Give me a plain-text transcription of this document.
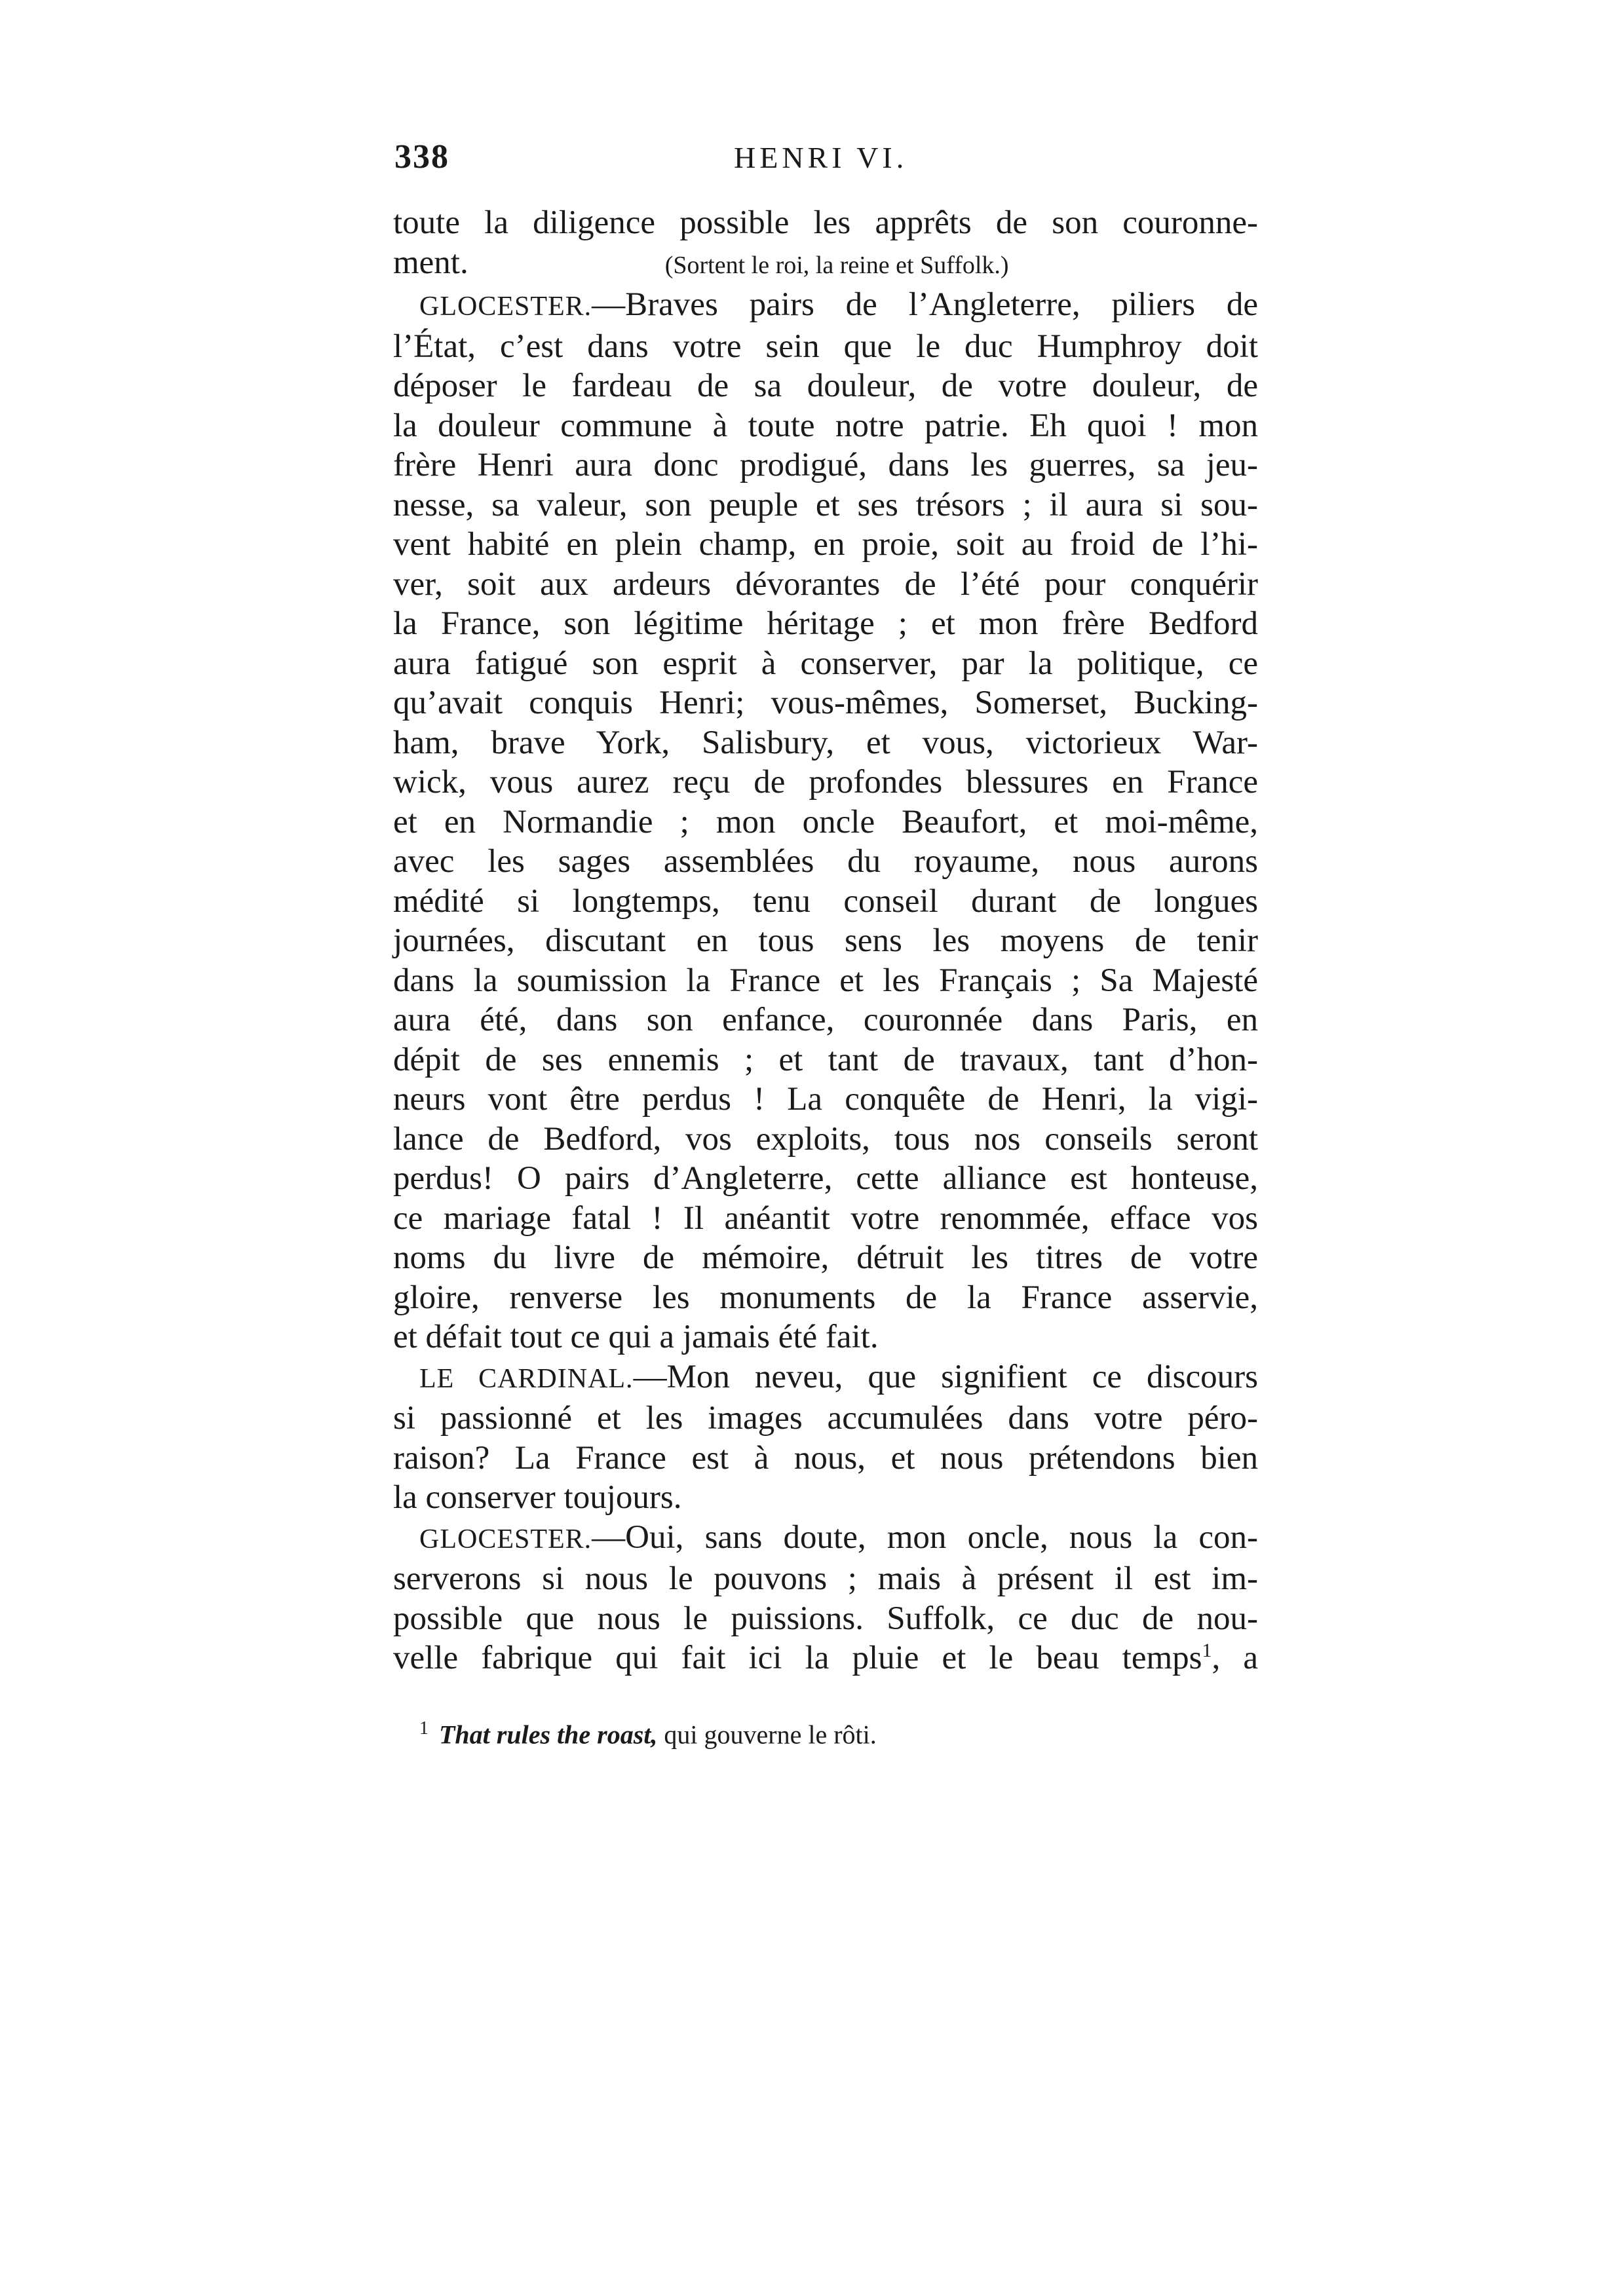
338	HENRI VI.

toute la diligence possible les apprêts de son couronne-
ment.	(Sortent le roi, la reine et Suffolk.)

GLOCESTER.—Braves pairs de l’Angleterre, piliers de
l’État, c’est dans votre sein que le duc Humphroy doit
déposer le fardeau de sa douleur, de votre douleur, de
la douleur commune à toute notre patrie. Eh quoi ! mon
frère Henri aura donc prodigué, dans les guerres, sa jeu-
nesse, sa valeur, son peuple et ses trésors ; il aura si sou-
vent habité en plein champ, en proie, soit au froid de l’hi-
ver, soit aux ardeurs dévorantes de l’été pour conquérir
la France, son légitime héritage ; et mon frère Bedford
aura fatigué son esprit à conserver, par la politique, ce
qu’avait conquis Henri; vous-mêmes, Somerset, Bucking-
ham, brave York, Salisbury, et vous, victorieux War-
wick, vous aurez reçu de profondes blessures en France
et en Normandie ; mon oncle Beaufort, et moi-même,
avec les sages assemblées du royaume, nous aurons
médité si longtemps, tenu conseil durant de longues
journées, discutant en tous sens les moyens de tenir
dans la soumission la France et les Français ; Sa Majesté
aura été, dans son enfance, couronnée dans Paris, en
dépit de ses ennemis ; et tant de travaux, tant d’hon-
neurs vont être perdus ! La conquête de Henri, la vigi-
lance de Bedford, vos exploits, tous nos conseils seront
perdus! O pairs d’Angleterre, cette alliance est honteuse,
ce mariage fatal ! Il anéantit votre renommée, efface vos
noms du livre de mémoire, détruit les titres de votre
gloire, renverse les monuments de la France asservie,
et défait tout ce qui a jamais été fait.

LE CARDINAL.—Mon neveu, que signifient ce discours
si passionné et les images accumulées dans votre péro-
raison? La France est à nous, et nous prétendons bien
la conserver toujours.

GLOCESTER.—Oui, sans doute, mon oncle, nous la con-
serverons si nous le pouvons ; mais à présent il est im-
possible que nous le puissions. Suffolk, ce duc de nou-
velle fabrique qui fait ici la pluie et le beau temps$^1$, a

$^1$ That rules the roast, qui gouverne le rôti.
